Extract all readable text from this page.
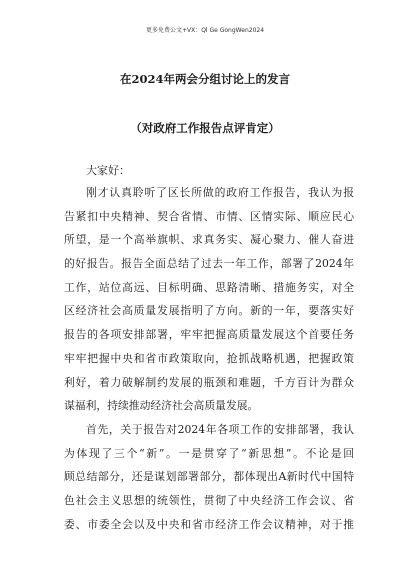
更多免费公文+VX：Ql Ge GongWen2024
在2024年两会分组讨论上的发言
（对政府工作报告点评肯定）
大家好：
刚才认真聆听了区长所做的政府工作报告，我认为报
告紧扣中央精神、契合省情、市情、区情实际、顺应民心
所望，是一个高举旗帜、求真务实、凝心聚力、催人奋进
的好报告。报告全面总结了过去一年工作，部署了2024年
工作，站位高远、目标明确、思路清晰、措施务实，对全
区经济社会高质量发展指明了方向。新的一年，要落实好
报告的各项安排部署，牢牢把握高质量发展这个首要任务
牢牢把握中央和省市政策取向，抢抓战略机遇，把握政策
利好，着力破解制约发展的瓶颈和难题，千方百计为群众
谋福利，持续推动经济社会高质量发展。
首先，关于报告对2024年各项工作的安排部署，我认
为体现了三个“新”。一是贯穿了“新思想”。不论是回
顾总结部分，还是谋划部署部分，都体现出A新时代中国特
色社会主义思想的统领性，贯彻了中央经济工作会议、省
委、市委全会以及中央和省市经济工作会议精神，对于推
